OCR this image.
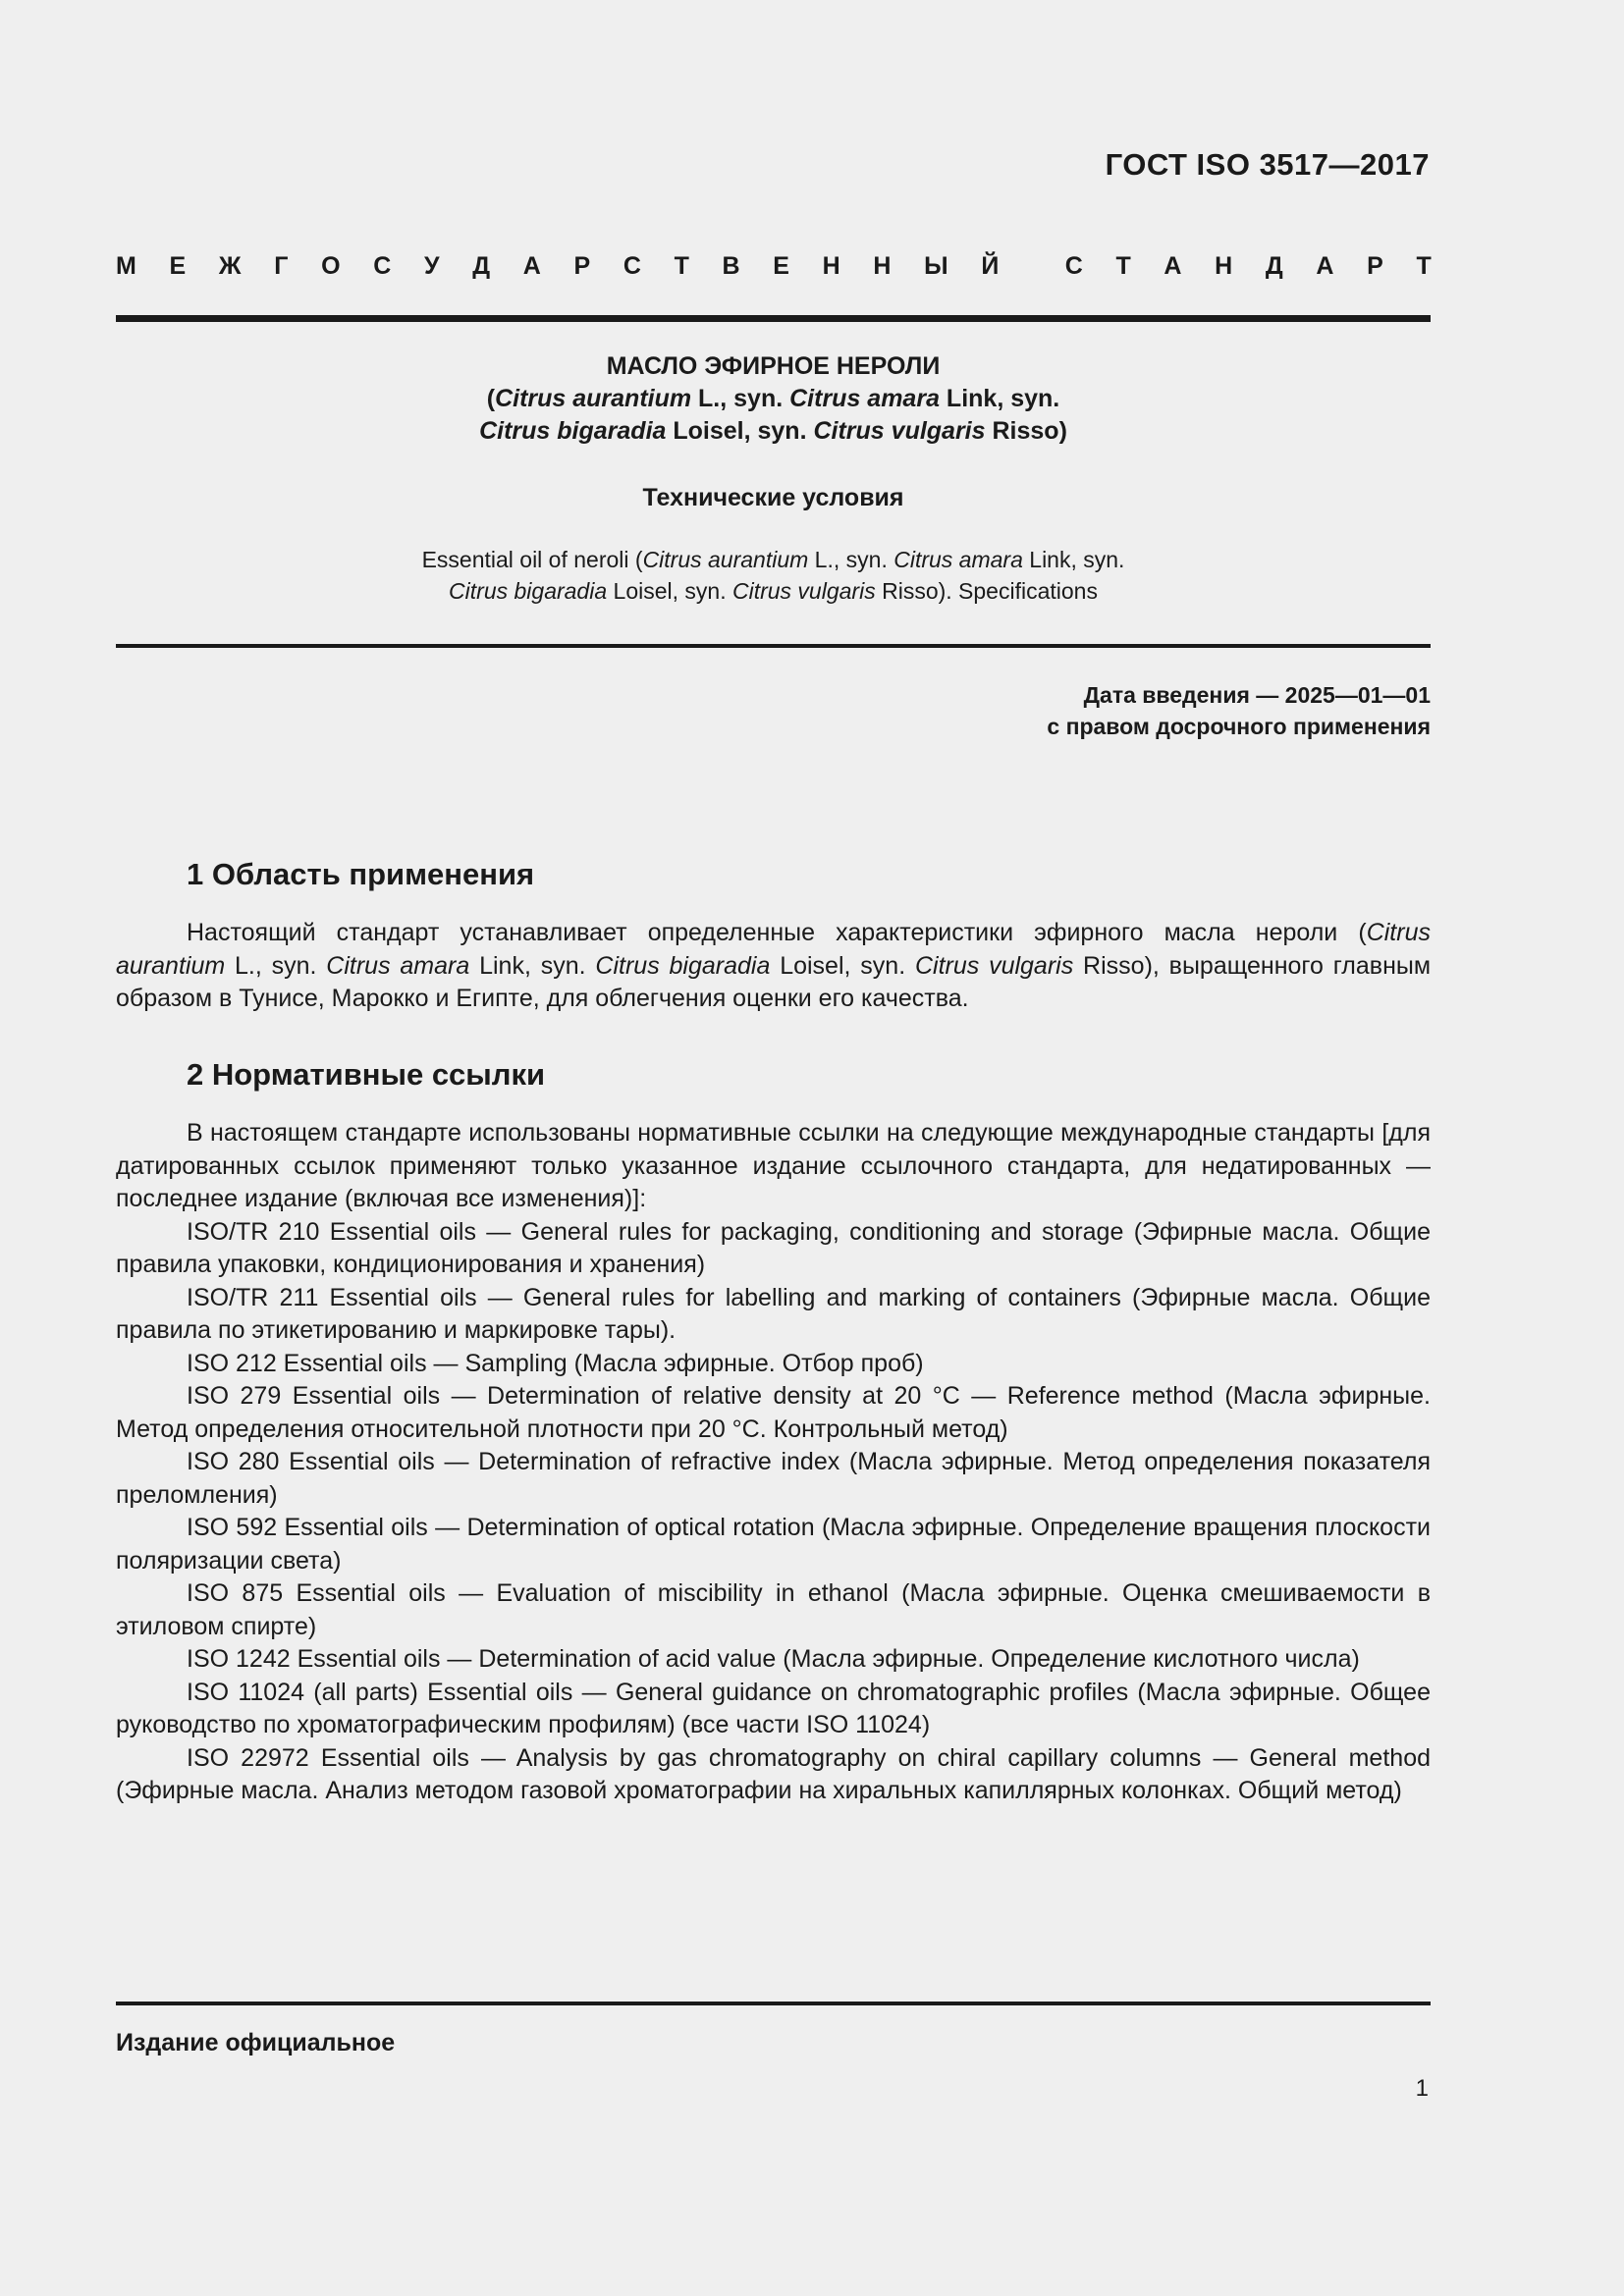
ГОСТ ISO 3517—2017
М Е Ж Г О С У Д А Р С Т В Е Н Н Ы Й	С Т А Н Д А Р Т
МАСЛО ЭФИРНОЕ НЕРОЛИ
(Citrus aurantium L., syn. Citrus amara Link, syn.
Citrus bigaradia Loisel, syn. Citrus vulgaris Risso)
Технические условия
Essential oil of neroli (Citrus aurantium L., syn. Citrus amara Link, syn.
Citrus bigaradia Loisel, syn. Citrus vulgaris Risso). Specifications
Дата введения — 2025—01—01
с правом досрочного применения
1 Область применения

Настоящий стандарт устанавливает определенные характеристики эфирного масла нероли (Citrus aurantium L., syn. Citrus amara Link, syn. Citrus bigaradia Loisel, syn. Citrus vulgaris Risso), выращенного главным образом в Тунисе, Марокко и Египте, для облегчения оценки его качества.

2 Нормативные ссылки

В настоящем стандарте использованы нормативные ссылки на следующие международные стандарты [для датированных ссылок применяют только указанное издание ссылочного стандарта, для недатированных — последнее издание (включая все изменения)]:

ISO/TR 210 Essential oils — General rules for packaging, conditioning and storage (Эфирные масла. Общие правила упаковки, кондиционирования и хранения)

ISO/TR 211 Essential oils — General rules for labelling and marking of containers (Эфирные масла. Общие правила по этикетированию и маркировке тары).

ISO 212 Essential oils — Sampling (Масла эфирные. Отбор проб)

ISO 279 Essential oils — Determination of relative density at 20 °С — Reference method (Масла эфирные. Метод определения относительной плотности при 20 °С. Контрольный метод)

ISO 280 Essential oils — Determination of refractive index (Масла эфирные. Метод определения показателя преломления)

ISO 592 Essential oils — Determination of optical rotation (Масла эфирные. Определение вращения плоскости поляризации света)

ISO 875 Essential oils — Evaluation of miscibility in ethanol (Масла эфирные. Оценка смешиваемости в этиловом спирте)

ISO 1242 Essential oils — Determination of acid value (Масла эфирные. Определение кислотного числа)

ISO 11024 (all parts) Essential oils — General guidance on chromatographic profiles (Масла эфирные. Общее руководство по хроматографическим профилям) (все части ISO 11024)

ISO 22972 Essential oils — Analysis by gas chromatography on chiral capillary columns — General method (Эфирные масла. Анализ методом газовой хроматографии на хиральных капиллярных колонках. Общий метод)

Издание официальное
1
